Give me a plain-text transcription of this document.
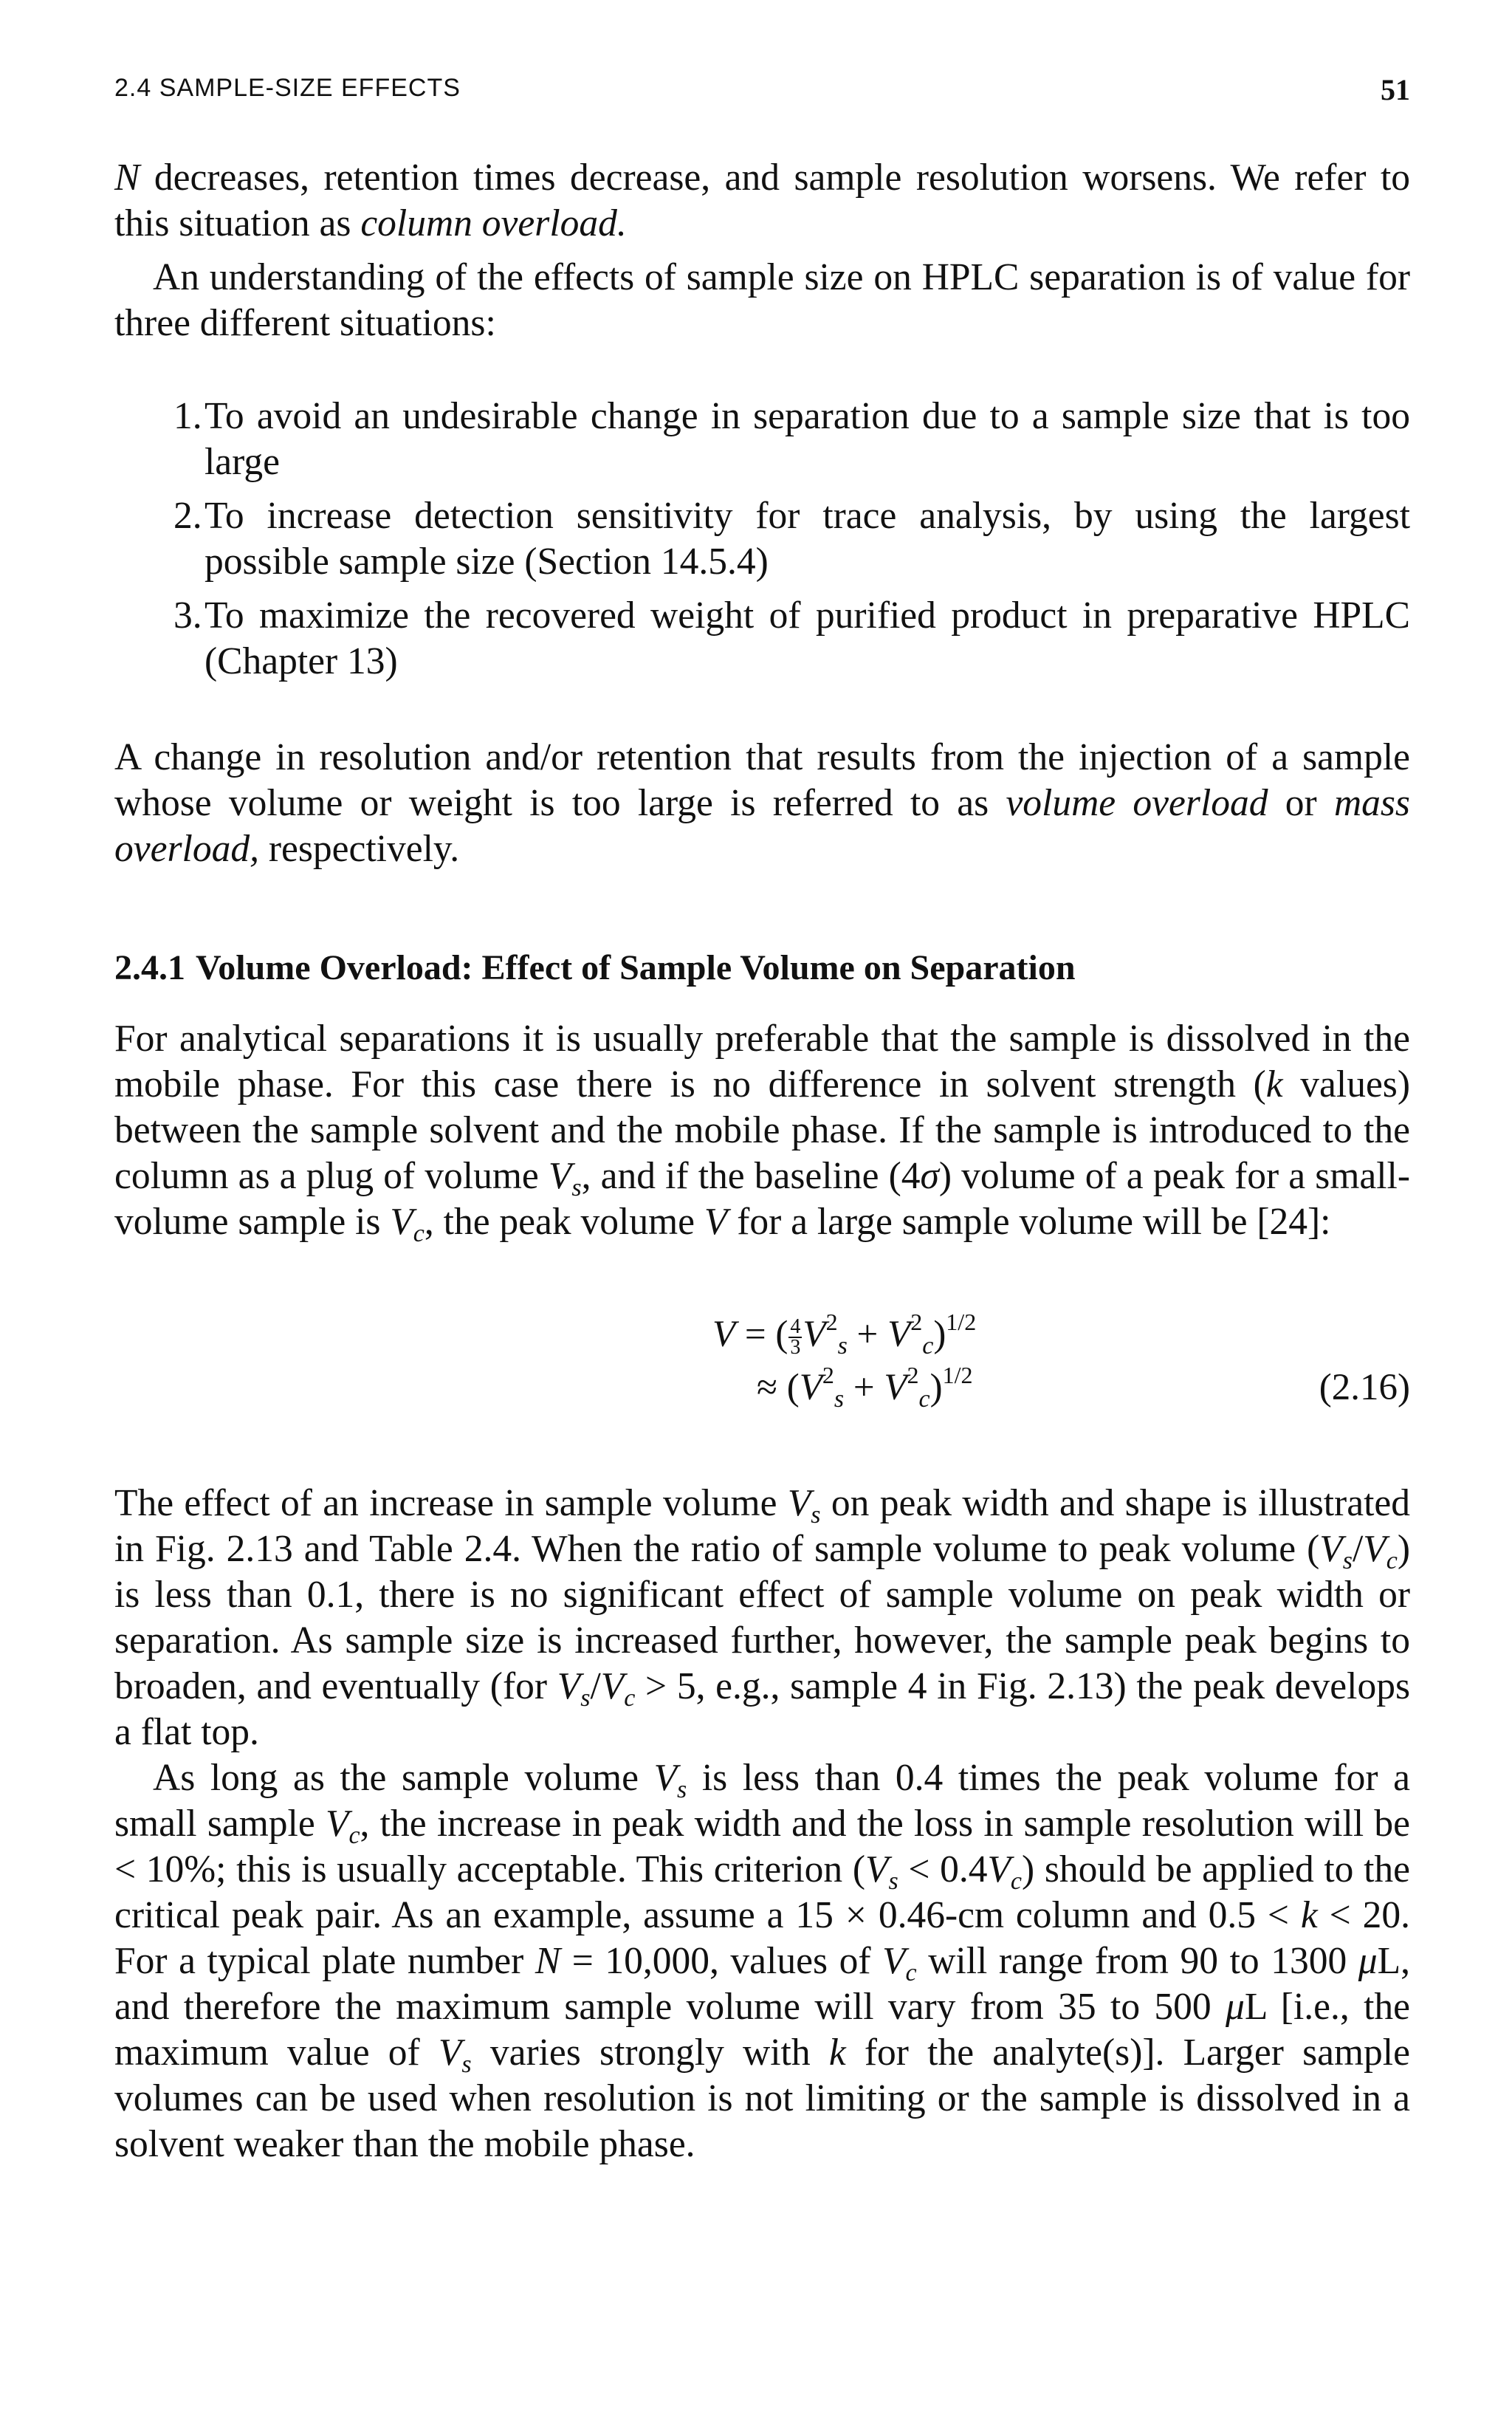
2.4 SAMPLE-SIZE EFFECTS	51

N decreases, retention times decrease, and sample resolution worsens. We refer to this situation as column overload.

An understanding of the effects of sample size on HPLC separation is of value for three different situations:

1. To avoid an undesirable change in separation due to a sample size that is too large
2. To increase detection sensitivity for trace analysis, by using the largest possible sample size (Section 14.5.4)
3. To maximize the recovered weight of purified product in preparative HPLC (Chapter 13)

A change in resolution and/or retention that results from the injection of a sample whose volume or weight is too large is referred to as volume overload or mass overload, respectively.

2.4.1 Volume Overload: Effect of Sample Volume on Separation

For analytical separations it is usually preferable that the sample is dissolved in the mobile phase. For this case there is no difference in solvent strength (k values) between the sample solvent and the mobile phase. If the sample is introduced to the column as a plug of volume $V_s$, and if the baseline (4σ) volume of a peak for a small-volume sample is $V_c$, the peak volume V for a large sample volume will be [24]:

V = ( $\frac{4}{3} V^2_s + V^2_c)^{1/2}$
≈ $(V^2_s + V^2_c)^{1/2}$	(2.16)

The effect of an increase in sample volume $V_s$ on peak width and shape is illustrated in Fig. 2.13 and Table 2.4. When the ratio of sample volume to peak volume $(V_s/V_c)$ is less than 0.1, there is no significant effect of sample volume on peak width or separation. As sample size is increased further, however, the sample peak begins to broaden, and eventually (for $V_s/V_c > 5$, e.g., sample 4 in Fig. 2.13) the peak develops a flat top.

As long as the sample volume $V_s$ is less than 0.4 times the peak volume for a small sample $V_c$, the increase in peak width and the loss in sample resolution will be < 10%; this is usually acceptable. This criterion $(V_s < 0.4V_c)$ should be applied to the critical peak pair. As an example, assume a 15 × 0.46-cm column and 0.5 < k < 20. For a typical plate number N = 10,000, values of $V_c$ will range from 90 to 1300 μL, and therefore the maximum sample volume will vary from 35 to 500 μL [i.e., the maximum value of $V_s$ varies strongly with k for the analyte(s)]. Larger sample volumes can be used when resolution is not limiting or the sample is dissolved in a solvent weaker than the mobile phase.
